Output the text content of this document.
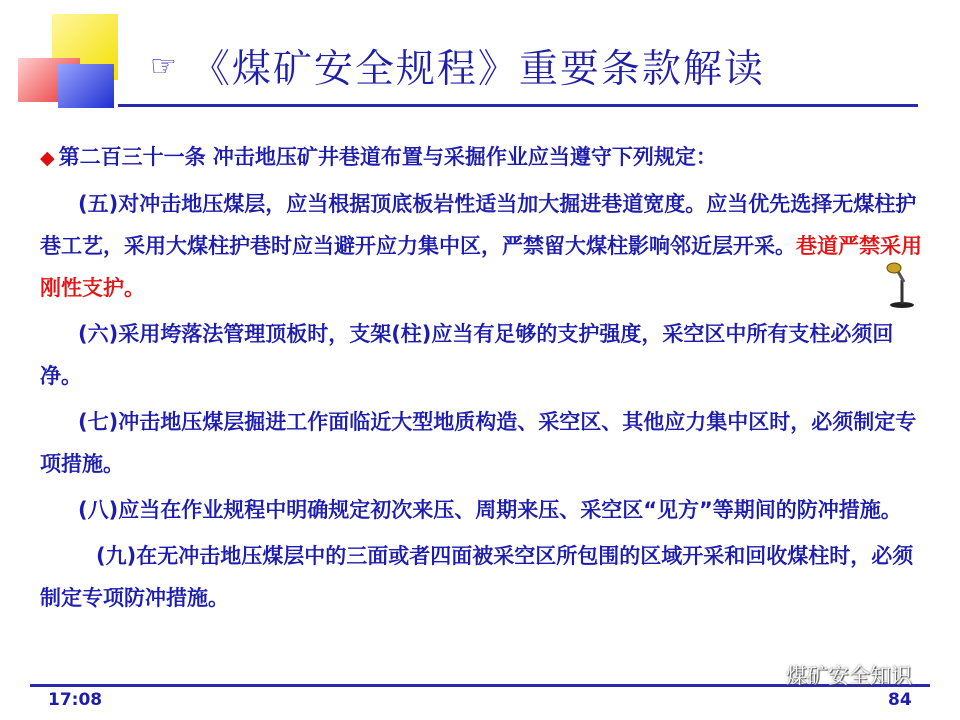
☞ 《煤矿安全规程》重要条款解读

◆ 第二百三十一条 冲击地压矿井巷道布置与采掘作业应当遵守下列规定：

(五)对冲击地压煤层，应当根据顶底板岩性适当加大掘进巷道宽度。应当优先选择无煤柱护巷工艺，采用大煤柱护巷时应当避开应力集中区，严禁留大煤柱影响邻近层开采。巷道严禁采用刚性支护。

(六)采用垮落法管理顶板时，支架(柱)应当有足够的支护强度，采空区中所有支柱必须回净。

(七)冲击地压煤层掘进工作面临近大型地质构造、采空区、其他应力集中区时，必须制定专项措施。

(八)应当在作业规程中明确规定初次来压、周期来压、采空区“见方”等期间的防冲措施。

(九)在无冲击地压煤层中的三面或者四面被采空区所包围的区域开采和回收煤柱时，必须制定专项防冲措施。

17:08	84
煤矿安全知识
